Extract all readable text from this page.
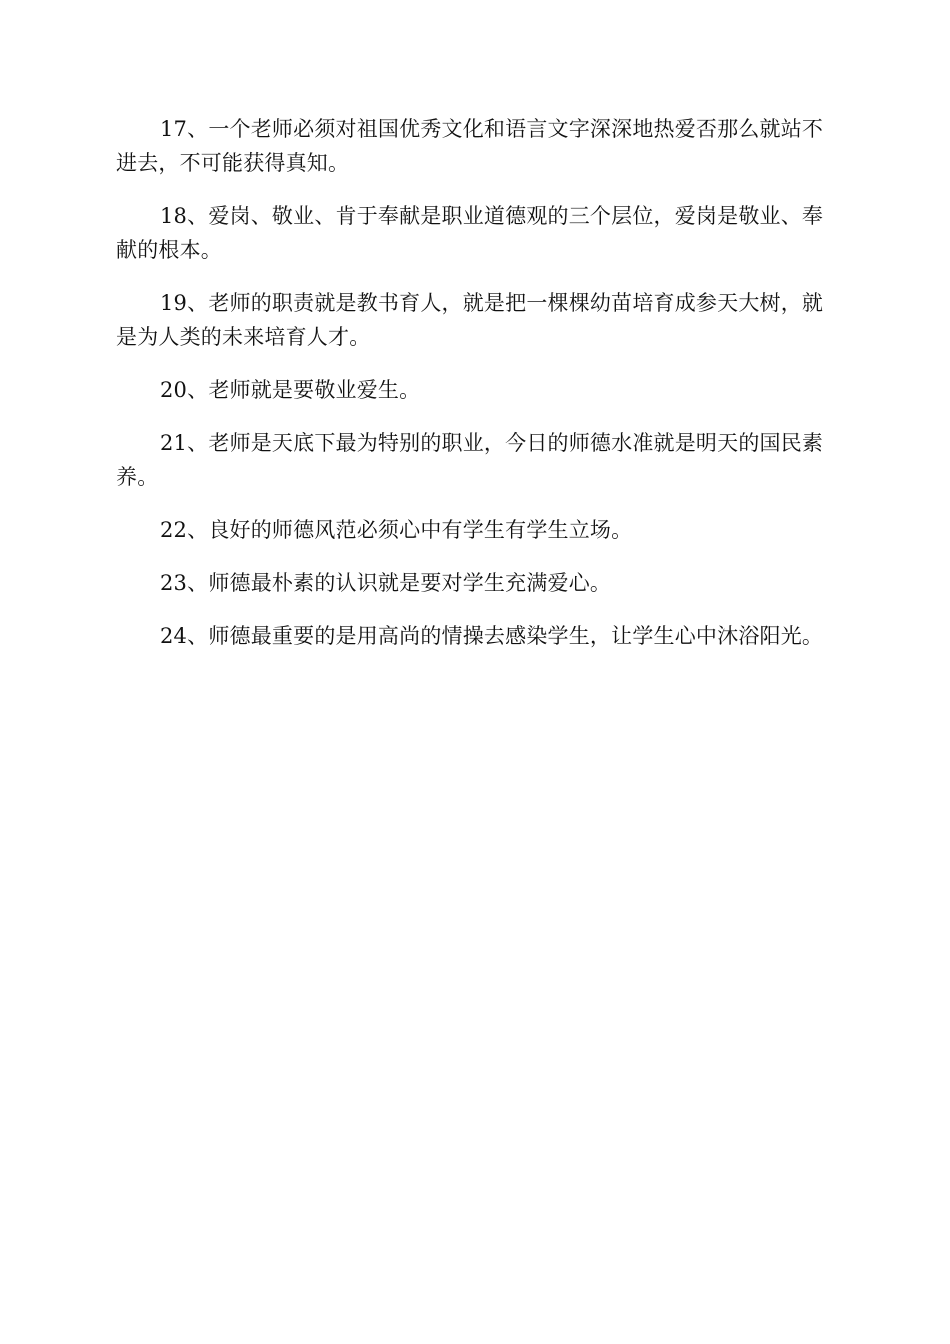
17、一个老师必须对祖国优秀文化和语言文字深深地热爱否那么就站不进去，不可能获得真知。

18、爱岗、敬业、肯于奉献是职业道德观的三个层位，爱岗是敬业、奉献的根本。

19、老师的职责就是教书育人，就是把一棵棵幼苗培育成参天大树，就是为人类的未来培育人才。

20、老师就是要敬业爱生。

21、老师是天底下最为特别的职业，今日的师德水准就是明天的国民素养。

22、良好的师德风范必须心中有学生有学生立场。

23、师德最朴素的认识就是要对学生充满爱心。

24、师德最重要的是用高尚的情操去感染学生，让学生心中沐浴阳光。
